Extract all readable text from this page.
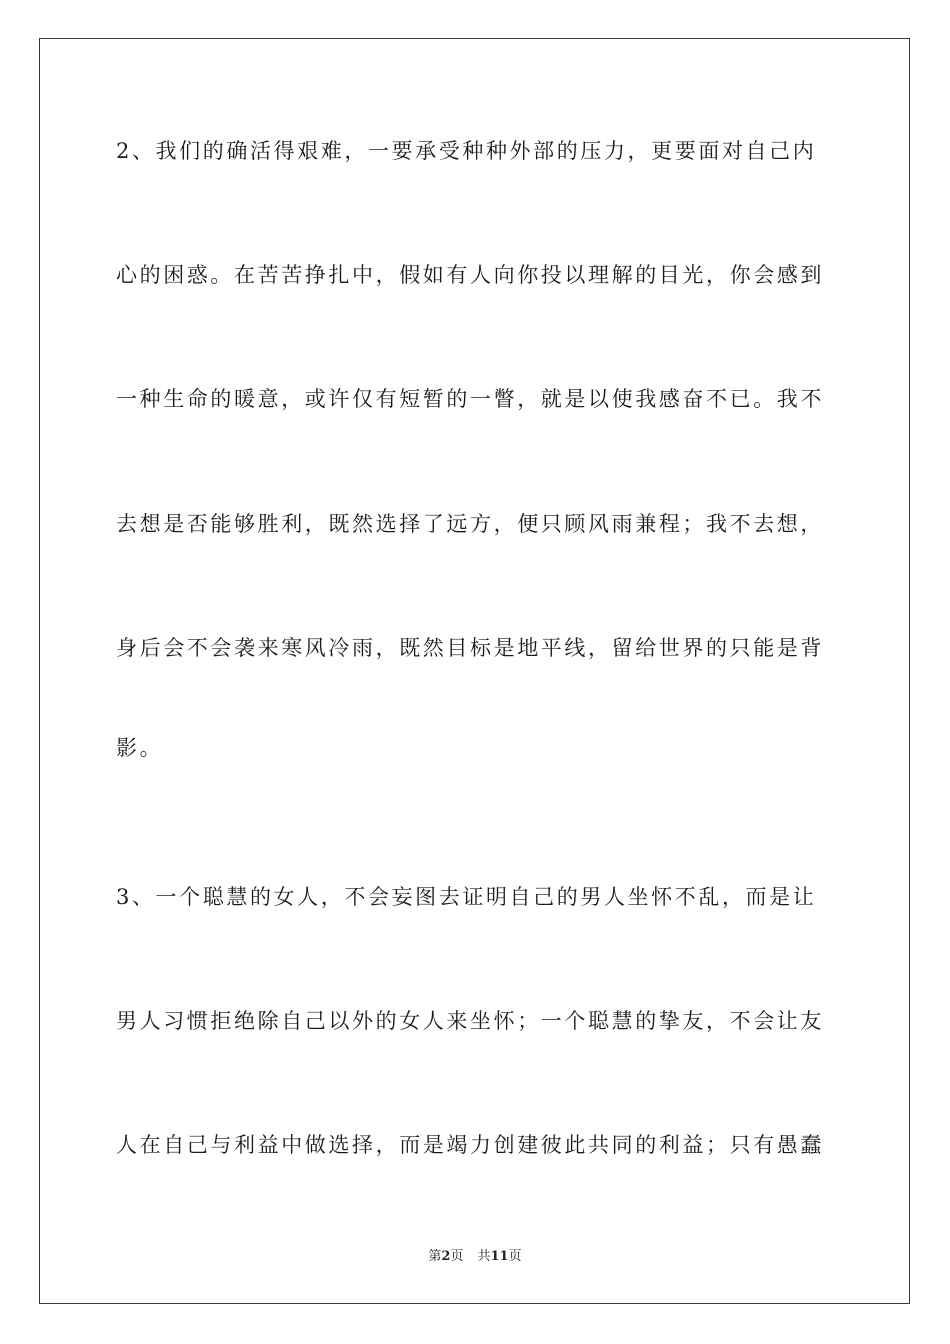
2、我们的确活得艰难，一要承受种种外部的压力，更要面对自己内
心的困惑。在苦苦挣扎中，假如有人向你投以理解的目光，你会感到
一种生命的暖意，或许仅有短暂的一瞥，就是以使我感奋不已。我不
去想是否能够胜利，既然选择了远方，便只顾风雨兼程；我不去想，
身后会不会袭来寒风冷雨，既然目标是地平线，留给世界的只能是背
影。
3、一个聪慧的女人，不会妄图去证明自己的男人坐怀不乱，而是让
男人习惯拒绝除自己以外的女人来坐怀；一个聪慧的挚友，不会让友
人在自己与利益中做选择，而是竭力创建彼此共同的利益；只有愚蠢
第2页 共11页
